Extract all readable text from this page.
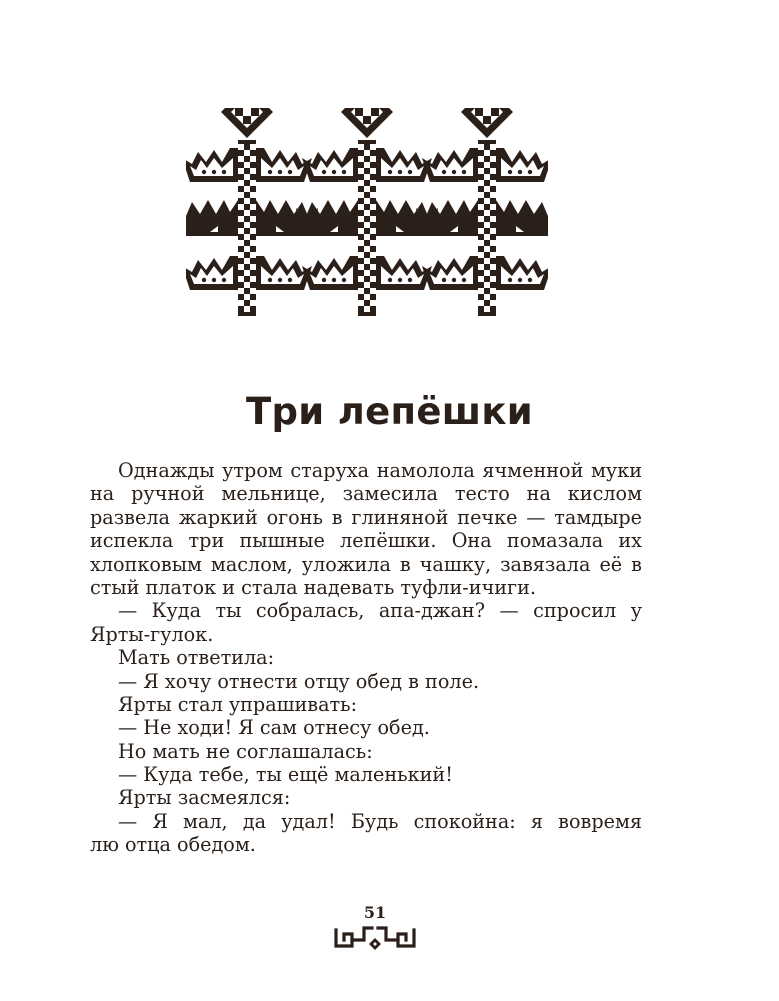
Три лепёшки
Однажды утром старуха намолола ячменной муки
на ручной мельнице, замесила тесто на кислом
развела жаркий огонь в глиняной печке — тамдыре
испекла три пышные лепёшки. Она помазала их
хлопковым маслом, уложила в чашку, завязала её в
стый платок и стала надевать туфли-ичиги.
— Куда ты собралась, апа-джан? — спросил у
Ярты-гулок.
Мать ответила:
— Я хочу отнести отцу обед в поле.
Ярты стал упрашивать:
— Не ходи! Я сам отнесу обед.
Но мать не соглашалась:
— Куда тебе, ты ещё маленький!
Ярты засмеялся:
— Я мал, да удал! Будь спокойна: я вовремя
лю отца обедом.
51
